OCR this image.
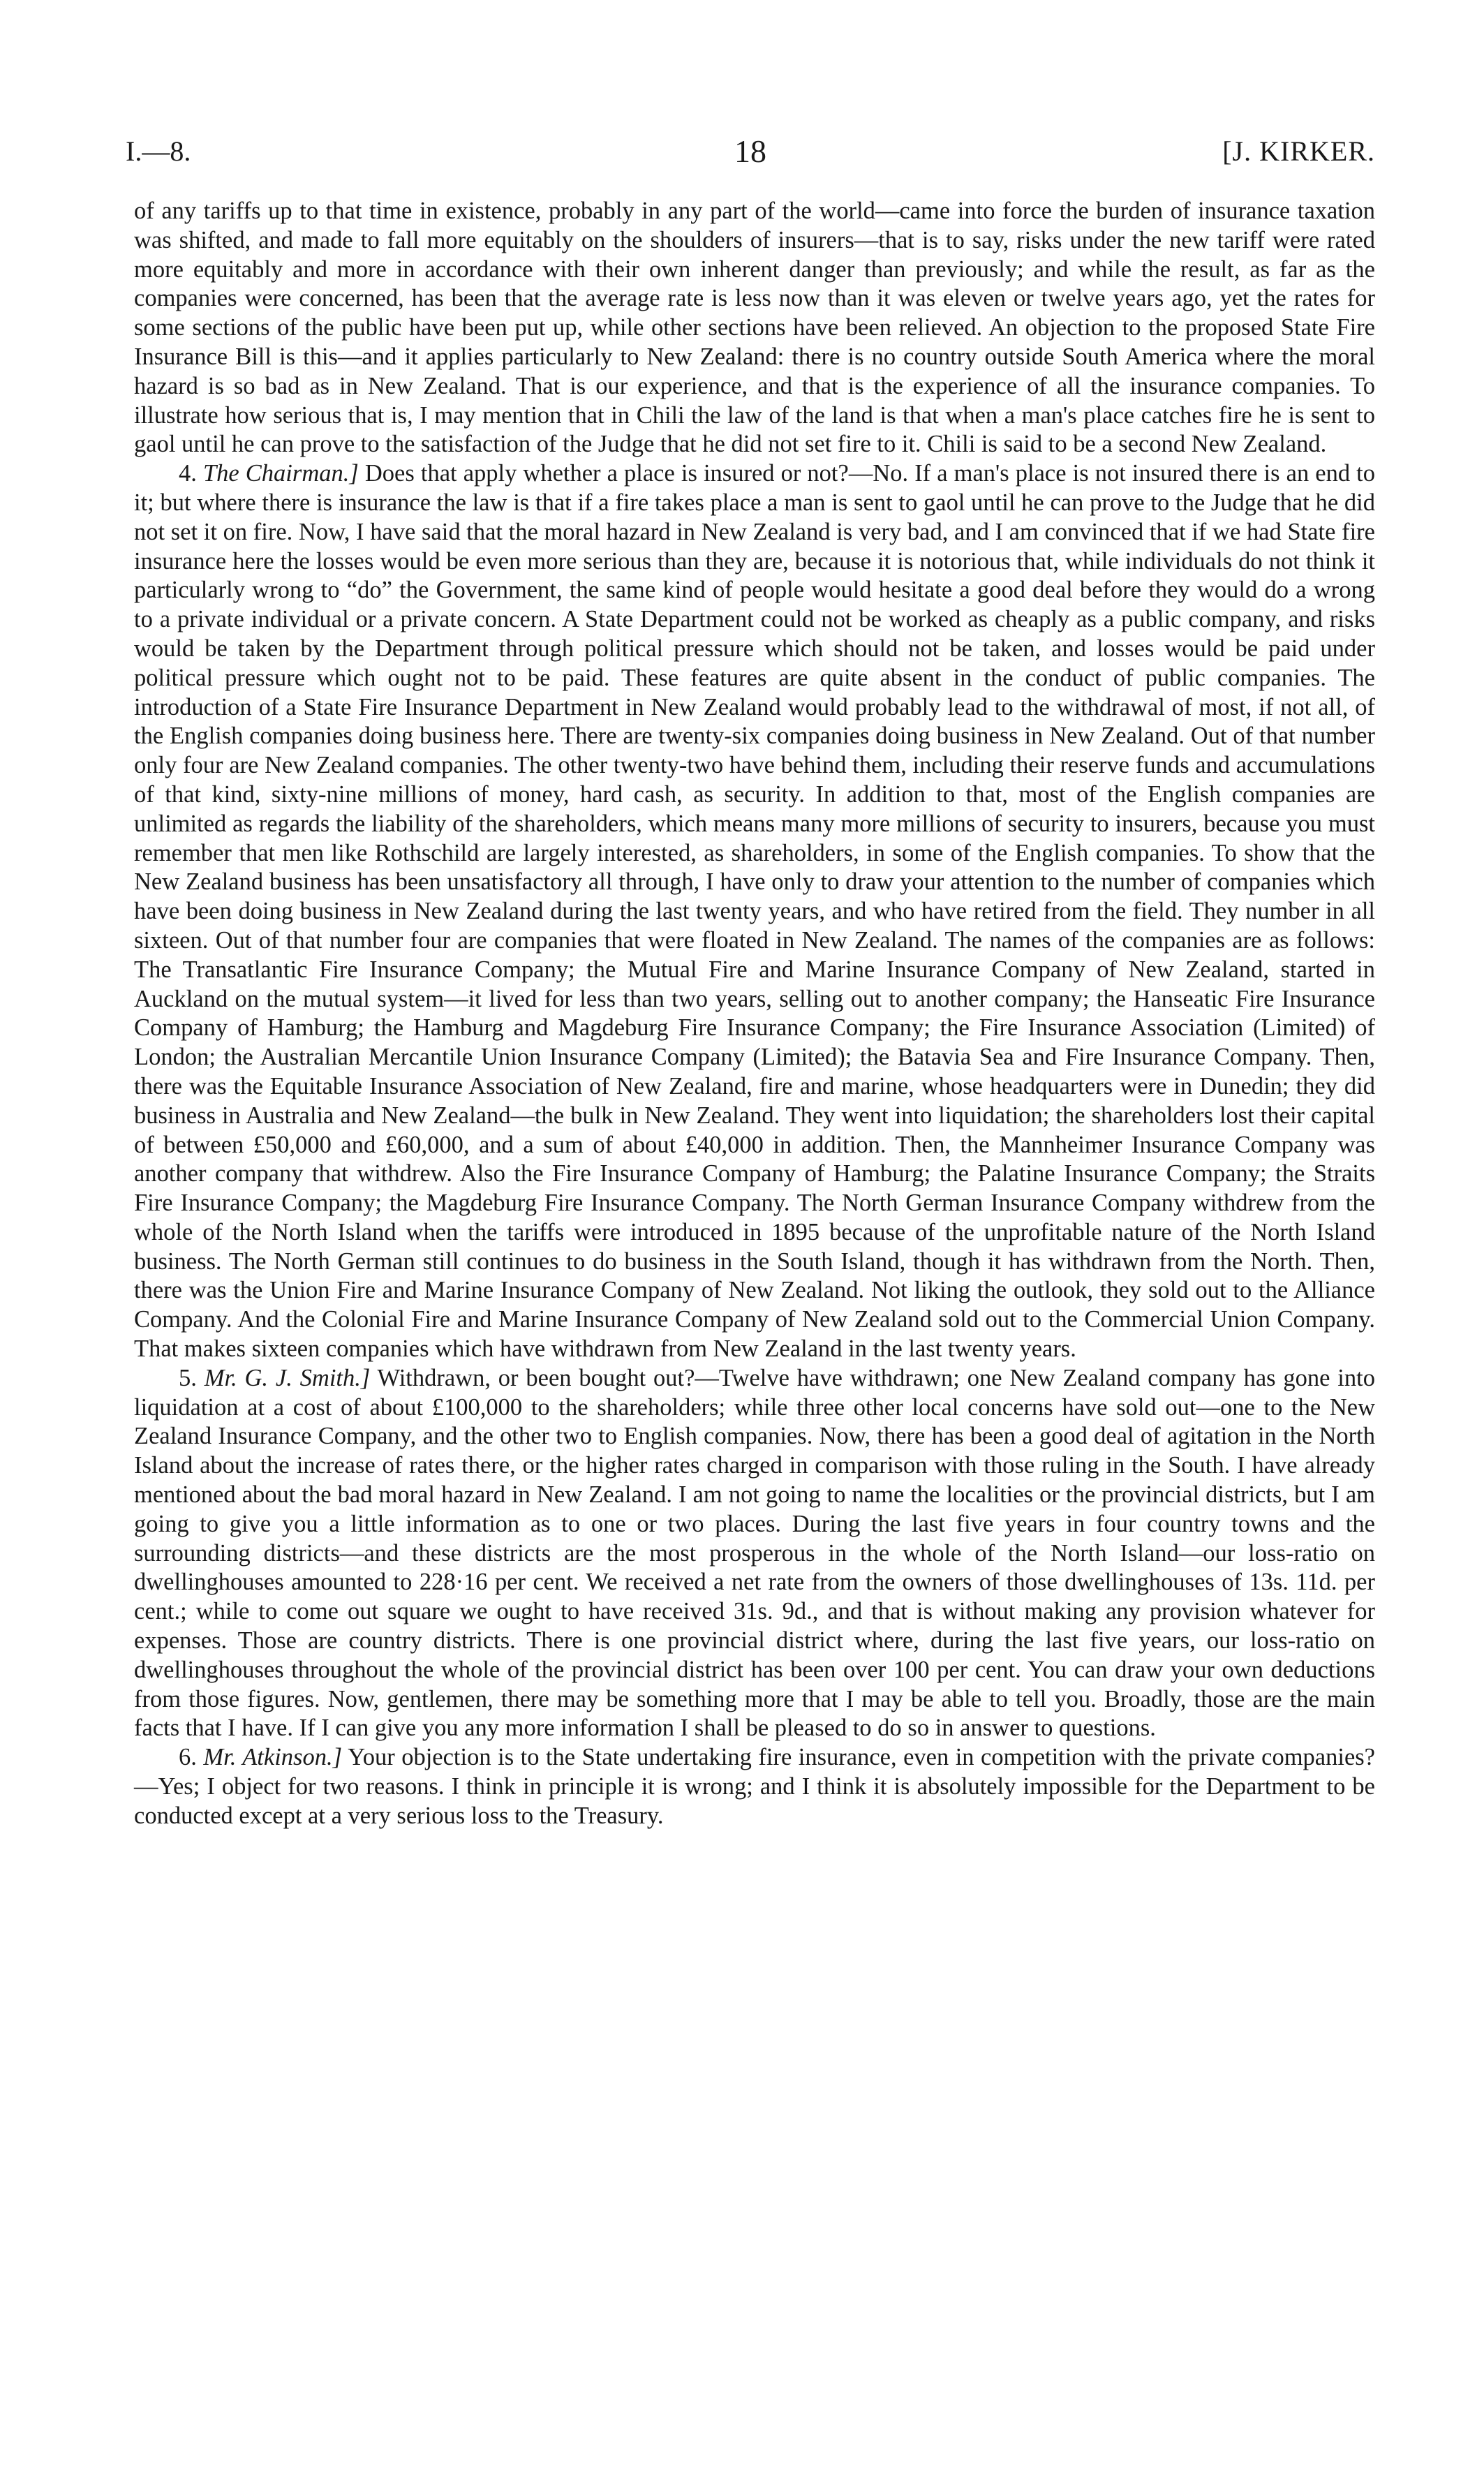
18
I.—8.	[J. KIRKER.

of any tariffs up to that time in existence, probably in any part of the world—came into force the burden of insurance taxation was shifted, and made to fall more equitably on the shoulders of insurers—that is to say, risks under the new tariff were rated more equitably and more in accordance with their own inherent danger than previously; and while the result, as far as the companies were concerned, has been that the average rate is less now than it was eleven or twelve years ago, yet the rates for some sections of the public have been put up, while other sections have been relieved. An objection to the proposed State Fire Insurance Bill is this—and it applies particularly to New Zealand: there is no country outside South America where the moral hazard is so bad as in New Zealand. That is our experience, and that is the experience of all the insurance companies. To illustrate how serious that is, I may mention that in Chili the law of the land is that when a man's place catches fire he is sent to gaol until he can prove to the satisfaction of the Judge that he did not set fire to it. Chili is said to be a second New Zealand.

4. The Chairman.] Does that apply whether a place is insured or not?—No. If a man's place is not insured there is an end to it; but where there is insurance the law is that if a fire takes place a man is sent to gaol until he can prove to the Judge that he did not set it on fire. Now, I have said that the moral hazard in New Zealand is very bad, and I am convinced that if we had State fire insurance here the losses would be even more serious than they are, because it is notorious that, while individuals do not think it particularly wrong to “do” the Government, the same kind of people would hesitate a good deal before they would do a wrong to a private individual or a private concern. A State Department could not be worked as cheaply as a public company, and risks would be taken by the Department through political pressure which should not be taken, and losses would be paid under political pressure which ought not to be paid. These features are quite absent in the conduct of public companies. The introduction of a State Fire Insurance Department in New Zealand would probably lead to the withdrawal of most, if not all, of the English companies doing business here. There are twenty-six companies doing business in New Zealand. Out of that number only four are New Zealand companies. The other twenty-two have behind them, including their reserve funds and accumulations of that kind, sixty-nine millions of money, hard cash, as security. In addition to that, most of the English companies are unlimited as regards the liability of the shareholders, which means many more millions of security to insurers, because you must remember that men like Rothschild are largely interested, as shareholders, in some of the English companies. To show that the New Zealand business has been unsatisfactory all through, I have only to draw your attention to the number of companies which have been doing business in New Zealand during the last twenty years, and who have retired from the field. They number in all sixteen. Out of that number four are companies that were floated in New Zealand. The names of the companies are as follows: The Transatlantic Fire Insurance Company; the Mutual Fire and Marine Insurance Company of New Zealand, started in Auckland on the mutual system—it lived for less than two years, selling out to another company; the Hanseatic Fire Insurance Company of Hamburg; the Hamburg and Magdeburg Fire Insurance Company; the Fire Insurance Association (Limited) of London; the Australian Mercantile Union Insurance Company (Limited); the Batavia Sea and Fire Insurance Company. Then, there was the Equitable Insurance Association of New Zealand, fire and marine, whose headquarters were in Dunedin; they did business in Australia and New Zealand—the bulk in New Zealand. They went into liquidation; the shareholders lost their capital of between £50,000 and £60,000, and a sum of about £40,000 in addition. Then, the Mannheimer Insurance Company was another company that withdrew. Also the Fire Insurance Company of Hamburg; the Palatine Insurance Company; the Straits Fire Insurance Company; the Magdeburg Fire Insurance Company. The North German Insurance Company withdrew from the whole of the North Island when the tariffs were introduced in 1895 because of the unprofitable nature of the North Island business. The North German still continues to do business in the South Island, though it has withdrawn from the North. Then, there was the Union Fire and Marine Insurance Company of New Zealand. Not liking the outlook, they sold out to the Alliance Company. And the Colonial Fire and Marine Insurance Company of New Zealand sold out to the Commercial Union Company. That makes sixteen companies which have withdrawn from New Zealand in the last twenty years.

5. Mr. G. J. Smith.] Withdrawn, or been bought out?—Twelve have withdrawn; one New Zealand company has gone into liquidation at a cost of about £100,000 to the shareholders; while three other local concerns have sold out—one to the New Zealand Insurance Company, and the other two to English companies. Now, there has been a good deal of agitation in the North Island about the increase of rates there, or the higher rates charged in comparison with those ruling in the South. I have already mentioned about the bad moral hazard in New Zealand. I am not going to name the localities or the provincial districts, but I am going to give you a little information as to one or two places. During the last five years in four country towns and the surrounding districts—and these districts are the most prosperous in the whole of the North Island—our loss-ratio on dwellinghouses amounted to 228·16 per cent. We received a net rate from the owners of those dwellinghouses of 13s. 11d. per cent.; while to come out square we ought to have received 31s. 9d., and that is without making any provision whatever for expenses. Those are country districts. There is one provincial district where, during the last five years, our loss-ratio on dwellinghouses throughout the whole of the provincial district has been over 100 per cent. You can draw your own deductions from those figures. Now, gentlemen, there may be something more that I may be able to tell you. Broadly, those are the main facts that I have. If I can give you any more information I shall be pleased to do so in answer to questions.

6. Mr. Atkinson.] Your objection is to the State undertaking fire insurance, even in competition with the private companies?—Yes; I object for two reasons. I think in principle it is wrong; and I think it is absolutely impossible for the Department to be conducted except at a very serious loss to the Treasury.
